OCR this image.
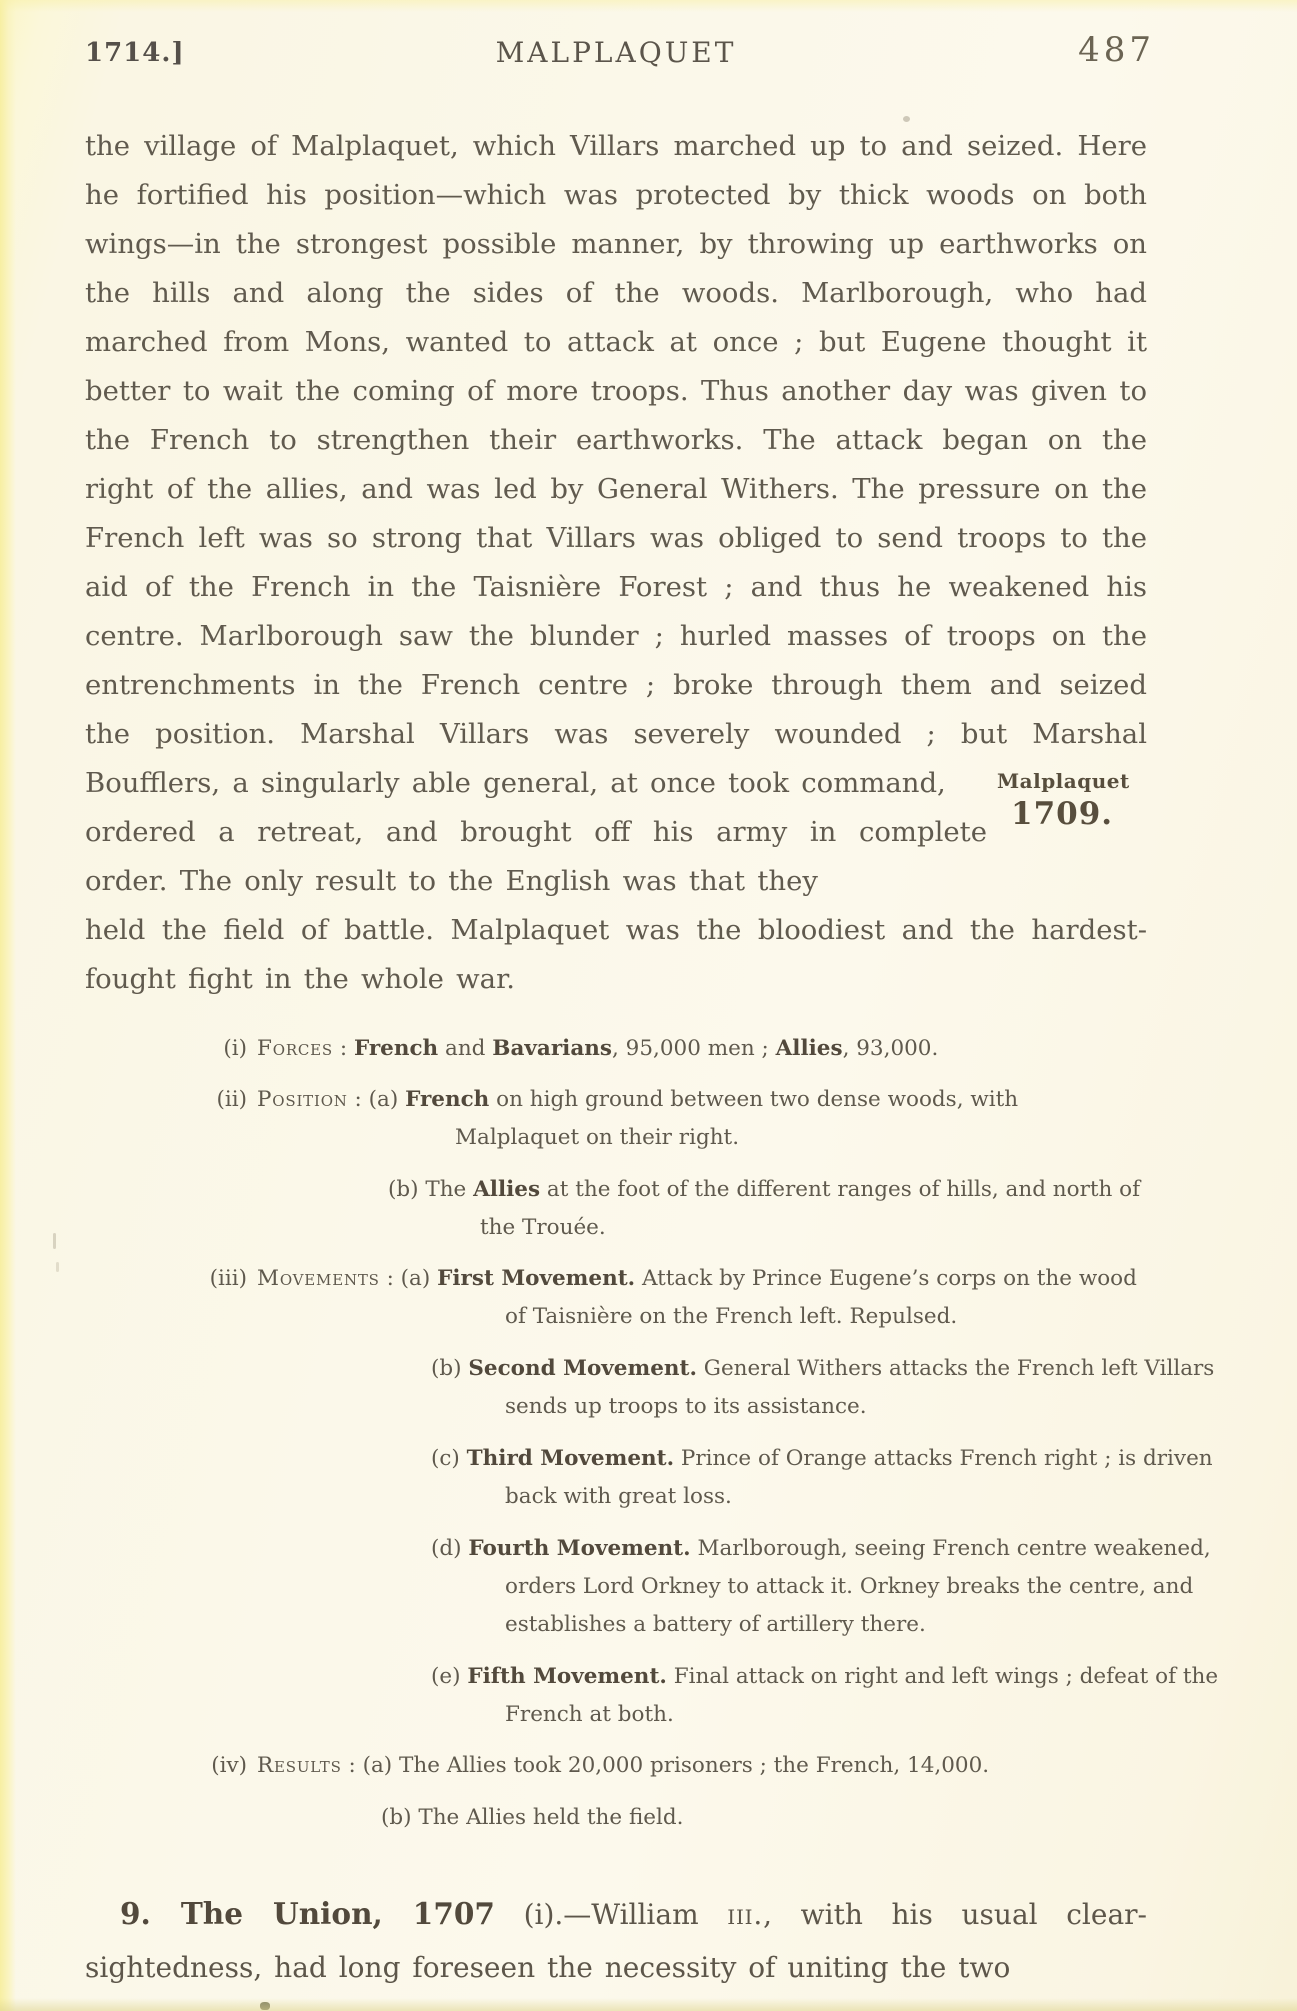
1714.]	MALPLAQUET	487

the village of Malplaquet, which Villars marched up to and seized. Here he fortified his position—which was protected by thick woods on both wings—in the strongest possible manner, by throwing up earthworks on the hills and along the sides of the woods. Marlborough, who had marched from Mons, wanted to attack at once ; but Eugene thought it better to wait the coming of more troops. Thus another day was given to the French to strengthen their earthworks. The attack began on the right of the allies, and was led by General Withers. The pressure on the French left was so strong that Villars was obliged to send troops to the aid of the French in the Taisnière Forest ; and thus he weakened his centre. Marlborough saw the blunder ; hurled masses of troops on the entrenchments in the French centre ; broke through them and seized the position. Marshal Villars was severely wounded ; but Marshal Boufflers, a singularly able general, at once took command,

ordered a retreat, and brought off his army in complete order. The only result to the English was that they

Malplaquet
1709.

held the field of battle. Malplaquet was the bloodiest and the hardest-fought fight in the whole war.

(i) Forces : French and Bavarians, 95,000 men ; Allies, 93,000.
(ii) Position : (a) French on high ground between two dense woods, with Malplaquet on their right.
(b) The Allies at the foot of the different ranges of hills, and north of the Trouée.
(iii) Movements : (a) First Movement. Attack by Prince Eugene’s corps on the wood of Taisnière on the French left. Repulsed.
(b) Second Movement. General Withers attacks the French left Villars sends up troops to its assistance.
(c) Third Movement. Prince of Orange attacks French right ; is driven back with great loss.
(d) Fourth Movement. Marlborough, seeing French centre weakened, orders Lord Orkney to attack it. Orkney breaks the centre, and establishes a battery of artillery there.
(e) Fifth Movement. Final attack on right and left wings ; defeat of the French at both.
(iv) Results : (a) The Allies took 20,000 prisoners ; the French, 14,000.
(b) The Allies held the field.

9. The Union, 1707 (i).—William iii., with his usual clear-sightedness, had long foreseen the necessity of uniting the two
